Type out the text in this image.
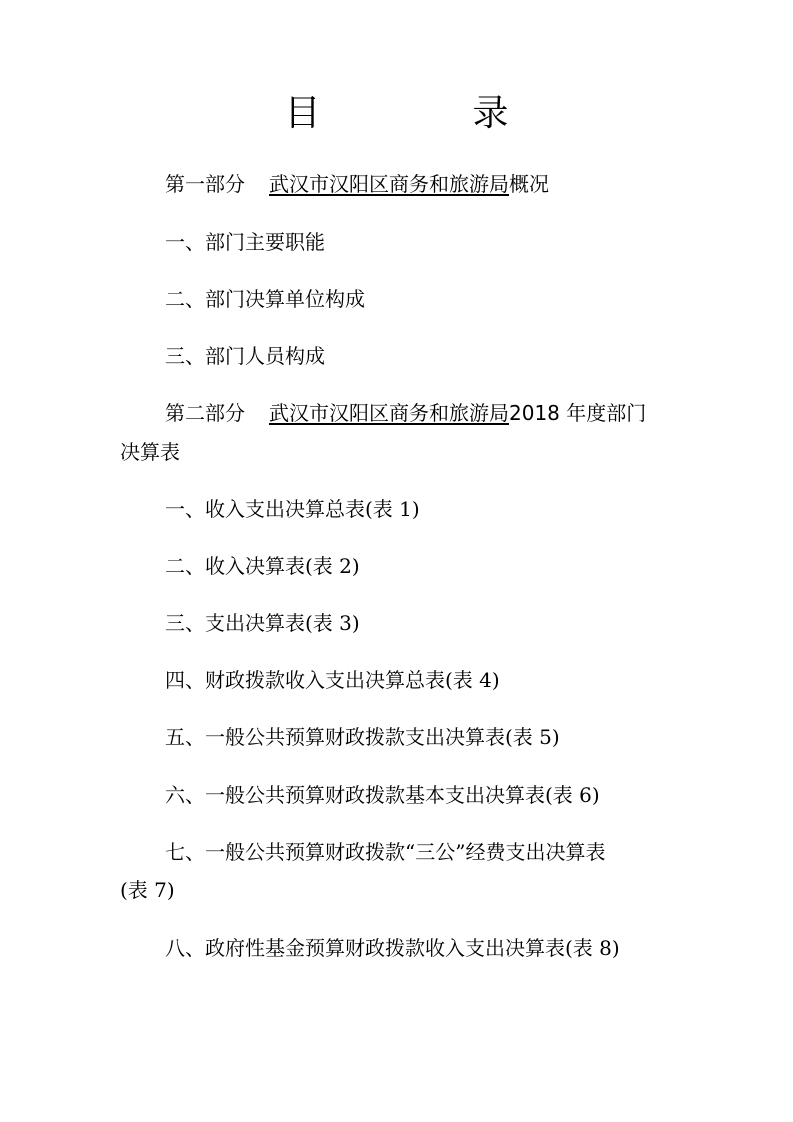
目　录
第一部分 武汉市汉阳区商务和旅游局概况
一、部门主要职能
二、部门决算单位构成
三、部门人员构成
第二部分 武汉市汉阳区商务和旅游局2018 年度部门
决算表
一、收入支出决算总表(表 1)
二、收入决算表(表 2)
三、支出决算表(表 3)
四、财政拨款收入支出决算总表(表 4)
五、一般公共预算财政拨款支出决算表(表 5)
六、一般公共预算财政拨款基本支出决算表(表 6)
七、一般公共预算财政拨款“三公”经费支出决算表
(表 7)
八、政府性基金预算财政拨款收入支出决算表(表 8)
